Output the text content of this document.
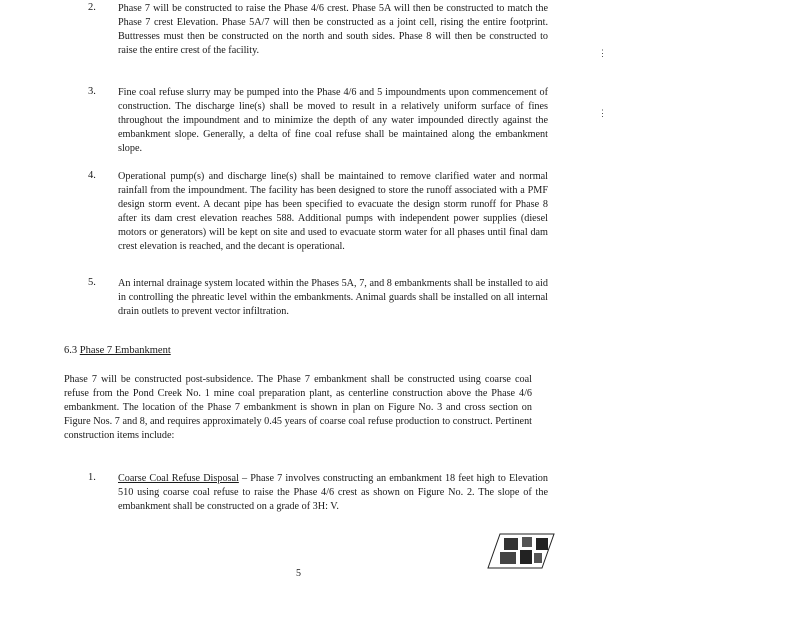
2. Phase 7 will be constructed to raise the Phase 4/6 crest. Phase 5A will then be constructed to match the Phase 7 crest Elevation. Phase 5A/7 will then be constructed as a joint cell, rising the entire footprint. Buttresses must then be constructed on the north and south sides. Phase 8 will then be constructed to raise the entire crest of the facility.
3. Fine coal refuse slurry may be pumped into the Phase 4/6 and 5 impoundments upon commencement of construction. The discharge line(s) shall be moved to result in a relatively uniform surface of fines throughout the impoundment and to minimize the depth of any water impounded directly against the embankment slope. Generally, a delta of fine coal refuse shall be maintained along the embankment slope.
4. Operational pump(s) and discharge line(s) shall be maintained to remove clarified water and normal rainfall from the impoundment. The facility has been designed to store the runoff associated with a PMF design storm event. A decant pipe has been specified to evacuate the design storm runoff for Phase 8 after its dam crest elevation reaches 588. Additional pumps with independent power supplies (diesel motors or generators) will be kept on site and used to evacuate storm water for all phases until final dam crest elevation is reached, and the decant is operational.
5. An internal drainage system located within the Phases 5A, 7, and 8 embankments shall be installed to aid in controlling the phreatic level within the embankments. Animal guards shall be installed on all internal drain outlets to prevent vector infiltration.
6.3 Phase 7 Embankment
Phase 7 will be constructed post-subsidence. The Phase 7 embankment shall be constructed using coarse coal refuse from the Pond Creek No. 1 mine coal preparation plant, as centerline construction above the Phase 4/6 embankment. The location of the Phase 7 embankment is shown in plan on Figure No. 3 and cross section on Figure Nos. 7 and 8, and requires approximately 0.45 years of coarse coal refuse production to construct. Pertinent construction items include:
1. Coarse Coal Refuse Disposal – Phase 7 involves constructing an embankment 18 feet high to Elevation 510 using coarse coal refuse to raise the Phase 4/6 crest as shown on Figure No. 2. The slope of the embankment shall be constructed on a grade of 3H: V.
⋮
⋮
5
